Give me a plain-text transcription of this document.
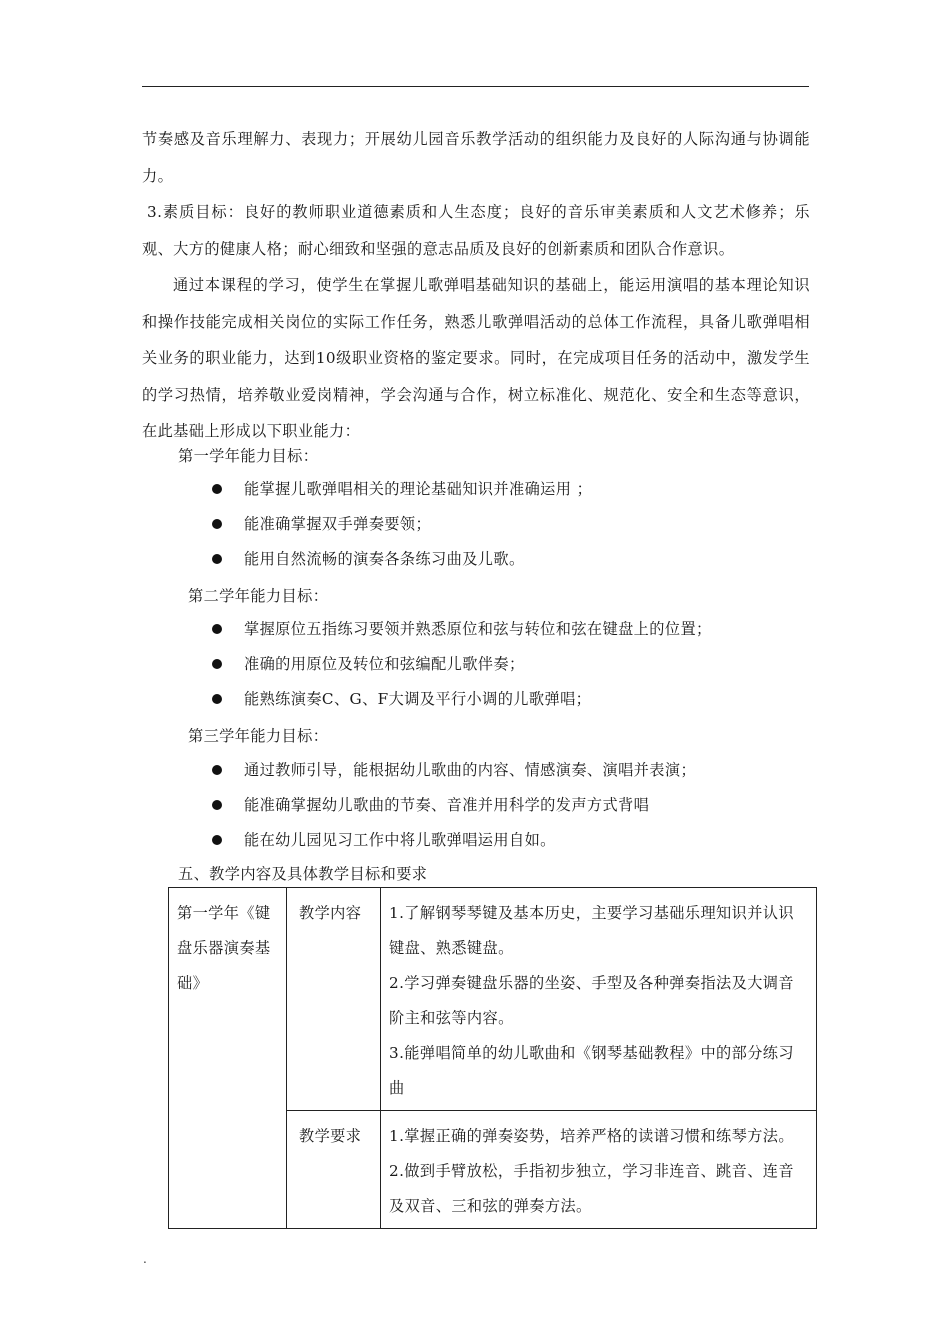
节奏感及音乐理解力、表现力；开展幼儿园音乐教学活动的组织能力及良好的人际沟通与协调能力。

3.素质目标：良好的教师职业道德素质和人生态度；良好的音乐审美素质和人文艺术修养；乐观、大方的健康人格；耐心细致和坚强的意志品质及良好的创新素质和团队合作意识。

通过本课程的学习，使学生在掌握儿歌弹唱基础知识的基础上，能运用演唱的基本理论知识和操作技能完成相关岗位的实际工作任务，熟悉儿歌弹唱活动的总体工作流程，具备儿歌弹唱相关业务的职业能力，达到10级职业资格的鉴定要求。同时，在完成项目任务的活动中，激发学生的学习热情，培养敬业爱岗精神，学会沟通与合作，树立标准化、规范化、安全和生态等意识，在此基础上形成以下职业能力：

第一学年能力目标：

能掌握儿歌弹唱相关的理论基础知识并准确运用 ；
能准确掌握双手弹奏要领；
能用自然流畅的演奏各条练习曲及儿歌。

第二学年能力目标：

掌握原位五指练习要领并熟悉原位和弦与转位和弦在键盘上的位置；
准确的用原位及转位和弦编配儿歌伴奏；
能熟练演奏C、G、F大调及平行小调的儿歌弹唱；

第三学年能力目标：

通过教师引导，能根据幼儿歌曲的内容、情感演奏、演唱并表演；
能准确掌握幼儿歌曲的节奏、音准并用科学的发声方式背唱
能在幼儿园见习工作中将儿歌弹唱运用自如。

五、教学内容及具体教学目标和要求

第一学年《键盘乐器演奏基础》	教学内容	1.了解钢琴琴键及基本历史，主要学习基础乐理知识并认识键盘、熟悉键盘。
2.学习弹奏键盘乐器的坐姿、手型及各种弹奏指法及大调音阶主和弦等内容。
3.能弹唱简单的幼儿歌曲和《钢琴基础教程》中的部分练习曲

	教学要求	1.掌握正确的弹奏姿势，培养严格的读谱习惯和练琴方法。
2.做到手臂放松，手指初步独立，学习非连音、跳音、连音及双音、三和弦的弹奏方法。
.
